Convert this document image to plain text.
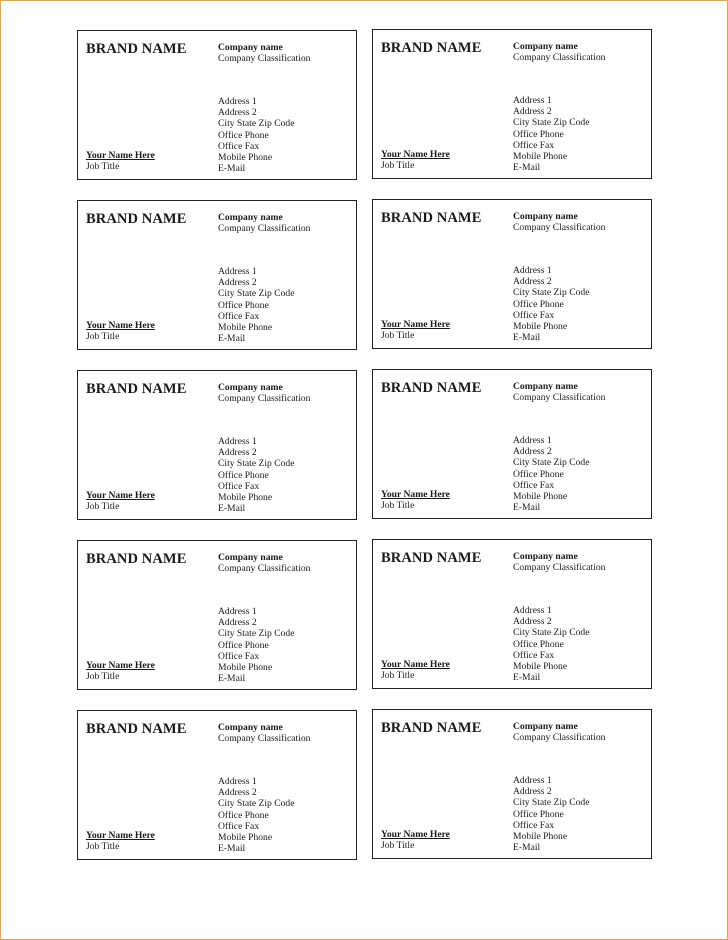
BRAND NAME	Company name
Company Classification
Address 1
Address 2
City State Zip Code
Office Phone
Office Fax
Mobile Phone
E-Mail
Your Name Here
Job Title
BRAND NAME	Company name
Company Classification
Address 1
Address 2
City State Zip Code
Office Phone
Office Fax
Mobile Phone
E-Mail
Your Name Here
Job Title
BRAND NAME	Company name
Company Classification
Address 1
Address 2
City State Zip Code
Office Phone
Office Fax
Mobile Phone
E-Mail
Your Name Here
Job Title
BRAND NAME	Company name
Company Classification
Address 1
Address 2
City State Zip Code
Office Phone
Office Fax
Mobile Phone
E-Mail
Your Name Here
Job Title
BRAND NAME	Company name
Company Classification
Address 1
Address 2
City State Zip Code
Office Phone
Office Fax
Mobile Phone
E-Mail
Your Name Here
Job Title
BRAND NAME	Company name
Company Classification
Address 1
Address 2
City State Zip Code
Office Phone
Office Fax
Mobile Phone
E-Mail
Your Name Here
Job Title
BRAND NAME	Company name
Company Classification
Address 1
Address 2
City State Zip Code
Office Phone
Office Fax
Mobile Phone
E-Mail
Your Name Here
Job Title
BRAND NAME	Company name
Company Classification
Address 1
Address 2
City State Zip Code
Office Phone
Office Fax
Mobile Phone
E-Mail
Your Name Here
Job Title
BRAND NAME	Company name
Company Classification
Address 1
Address 2
City State Zip Code
Office Phone
Office Fax
Mobile Phone
E-Mail
Your Name Here
Job Title
BRAND NAME	Company name
Company Classification
Address 1
Address 2
City State Zip Code
Office Phone
Office Fax
Mobile Phone
E-Mail
Your Name Here
Job Title
